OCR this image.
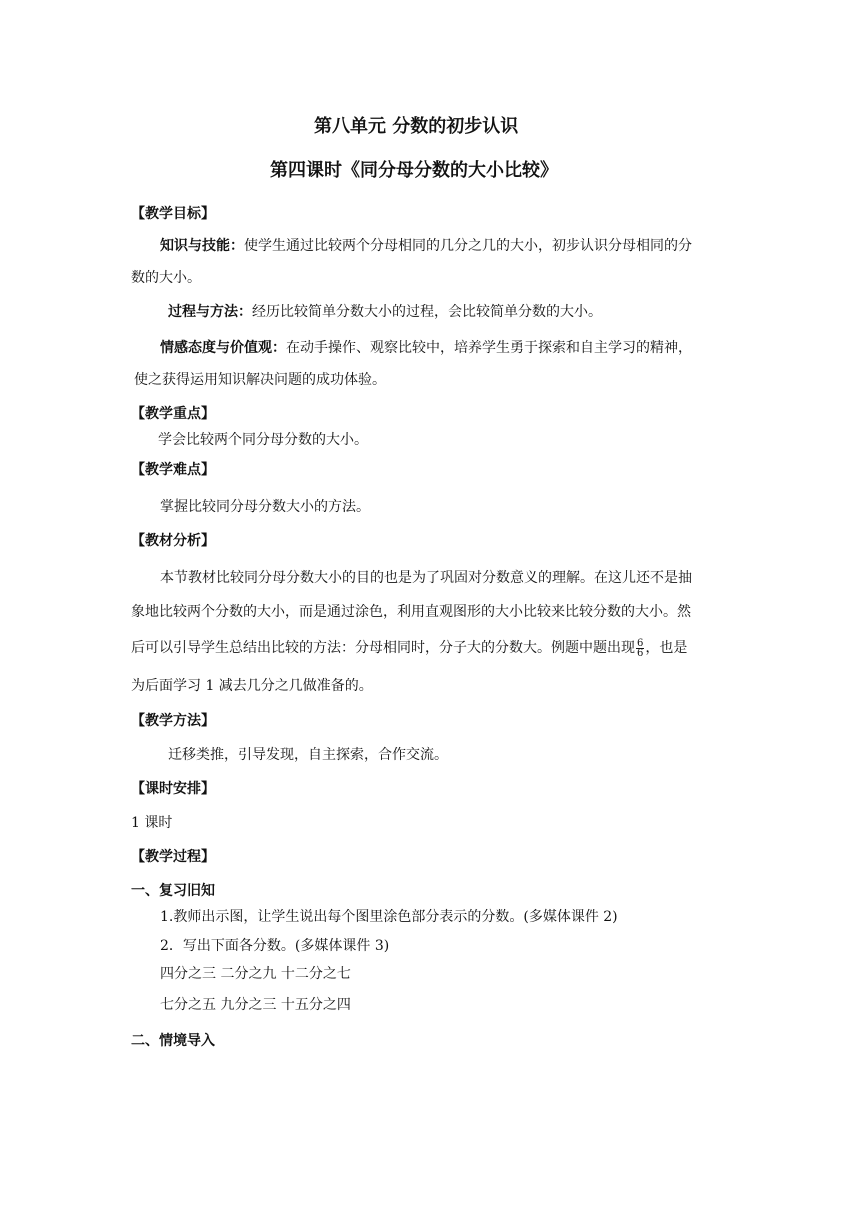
第八单元 分数的初步认识
第四课时《同分母分数的大小比较》
【教学目标】
知识与技能：使学生通过比较两个分母相同的几分之几的大小，初步认识分母相同的分
数的大小。
过程与方法：经历比较简单分数大小的过程，会比较简单分数的大小。
情感态度与价值观：在动手操作、观察比较中，培养学生勇于探索和自主学习的精神，
使之获得运用知识解决问题的成功体验。
【教学重点】
学会比较两个同分母分数的大小。
【教学难点】
掌握比较同分母分数大小的方法。
【教材分析】
本节教材比较同分母分数大小的目的也是为了巩固对分数意义的理解。在这儿还不是抽
象地比较两个分数的大小，而是通过涂色，利用直观图形的大小比较来比较分数的大小。然
后可以引导学生总结出比较的方法：分母相同时，分子大的分数大。例题中题出现 $\frac{6}{6}$ ，也是
为后面学习 1 减去几分之几做准备的。
【教学方法】
迁移类推，引导发现，自主探索，合作交流。
【课时安排】
1 课时
【教学过程】
一、复习旧知
1.教师出示图，让学生说出每个图里涂色部分表示的分数。(多媒体课件 2)
2．写出下面各分数。(多媒体课件 3)
四分之三 二分之九 十二分之七
七分之五 九分之三 十五分之四
二、情境导入
